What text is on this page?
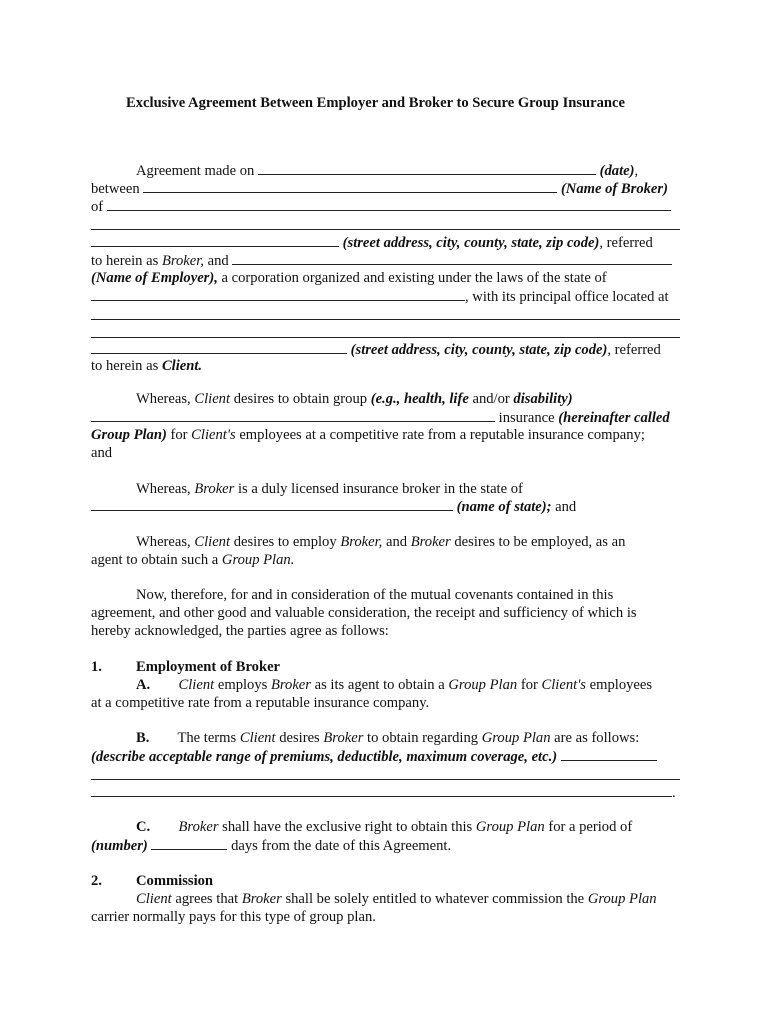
Exclusive Agreement Between Employer and Broker to Secure Group Insurance
Agreement made on	(date),
between	(Name of Broker)
of
(street address, city, county, state, zip code), referred
to herein as Broker, and
(Name of Employer), a corporation organized and existing under the laws of the state of
, with its principal office located at
(street address, city, county, state, zip code), referred
to herein as Client.
Whereas, Client desires to obtain group (e.g., health, life and/or disability)
insurance (hereinafter called
Group Plan) for Client's employees at a competitive rate from a reputable insurance company;
and
Whereas, Broker is a duly licensed insurance broker in the state of
(name of state); and
Whereas, Client desires to employ Broker, and Broker desires to be employed, as an
agent to obtain such a Group Plan.
Now, therefore, for and in consideration of the mutual covenants contained in this
agreement, and other good and valuable consideration, the receipt and sufficiency of which is
hereby acknowledged, the parties agree as follows:
1. Employment of Broker
A. Client employs Broker as its agent to obtain a Group Plan for Client's employees
at a competitive rate from a reputable insurance company.
B. The terms Client desires Broker to obtain regarding Group Plan are as follows:
(describe acceptable range of premiums, deductible, maximum coverage, etc.)
.
C. Broker shall have the exclusive right to obtain this Group Plan for a period of
(number)	days from the date of this Agreement.
2. Commission
Client agrees that Broker shall be solely entitled to whatever commission the Group Plan
carrier normally pays for this type of group plan.
